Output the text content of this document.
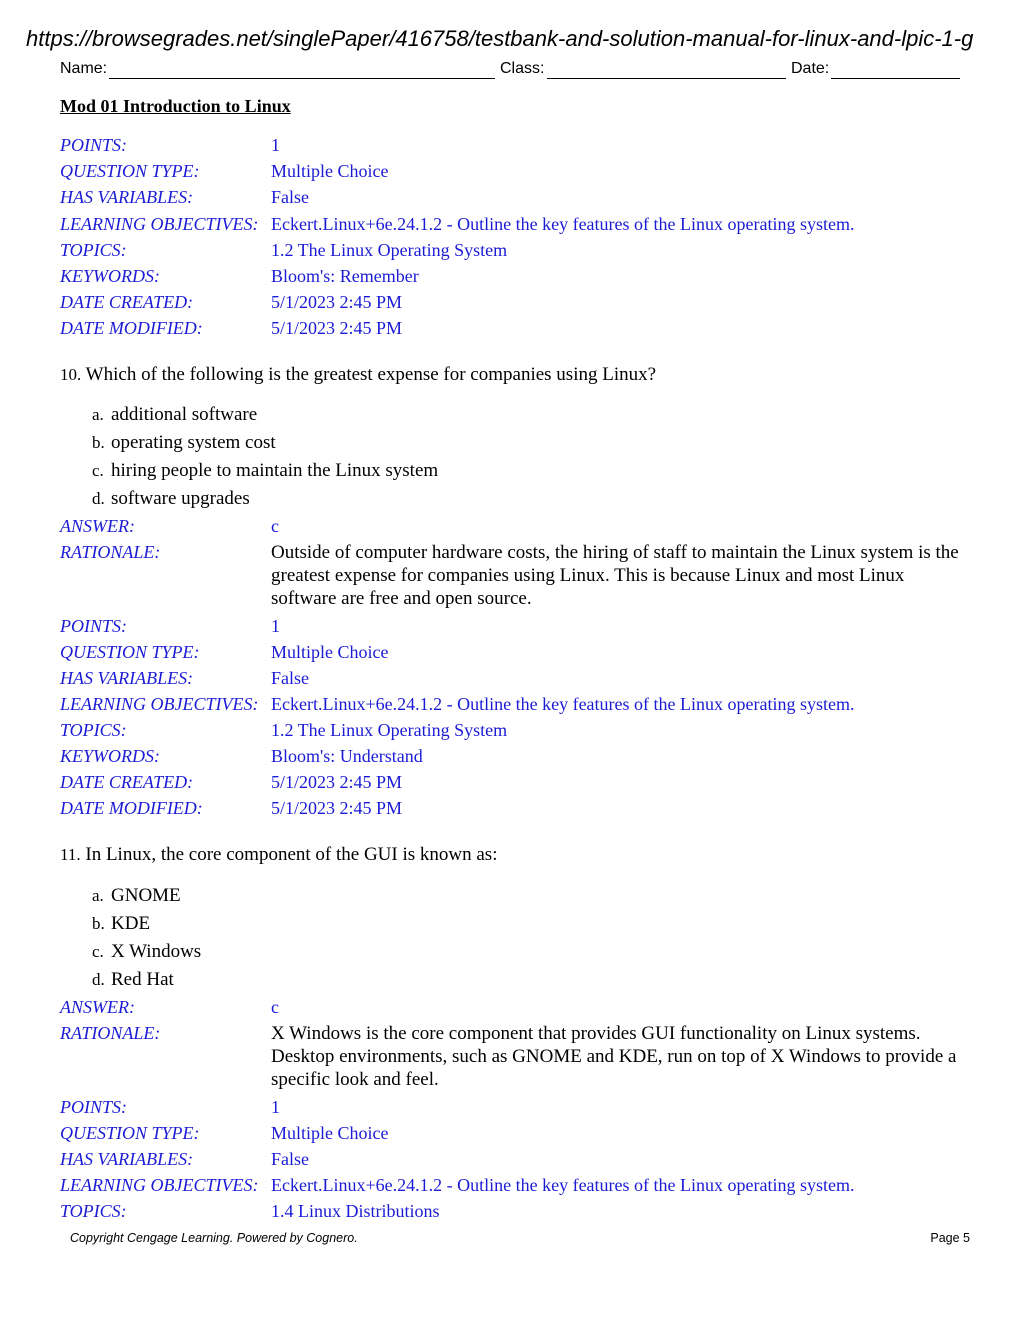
https://browsegrades.net/singlePaper/416758/testbank-and-solution-manual-for-linux-and-lpic-1-g
Name:	Class:	Date:
Mod 01 Introduction to Linux
POINTS:	1
QUESTION TYPE:	Multiple Choice
HAS VARIABLES:	False
LEARNING OBJECTIVES: Eckert.Linux+6e.24.1.2 - Outline the key features of the Linux operating system.
TOPICS:	1.2 The Linux Operating System
KEYWORDS:	Bloom's: Remember
DATE CREATED:	5/1/2023 2:45 PM
DATE MODIFIED:	5/1/2023 2:45 PM
10. Which of the following is the greatest expense for companies using Linux?
a. additional software
b. operating system cost
c. hiring people to maintain the Linux system
d. software upgrades
ANSWER:	c
RATIONALE:	Outside of computer hardware costs, the hiring of staff to maintain the Linux system is the greatest expense for companies using Linux. This is because Linux and most Linux software are free and open source.
POINTS:	1
QUESTION TYPE:	Multiple Choice
HAS VARIABLES:	False
LEARNING OBJECTIVES: Eckert.Linux+6e.24.1.2 - Outline the key features of the Linux operating system.
TOPICS:	1.2 The Linux Operating System
KEYWORDS:	Bloom's: Understand
DATE CREATED:	5/1/2023 2:45 PM
DATE MODIFIED:	5/1/2023 2:45 PM
11. In Linux, the core component of the GUI is known as:
a. GNOME
b. KDE
c. X Windows
d. Red Hat
ANSWER:	c
RATIONALE:	X Windows is the core component that provides GUI functionality on Linux systems. Desktop environments, such as GNOME and KDE, run on top of X Windows to provide a specific look and feel.
POINTS:	1
QUESTION TYPE:	Multiple Choice
HAS VARIABLES:	False
LEARNING OBJECTIVES: Eckert.Linux+6e.24.1.2 - Outline the key features of the Linux operating system.
TOPICS:	1.4 Linux Distributions
Copyright Cengage Learning. Powered by Cognero.	Page 5
